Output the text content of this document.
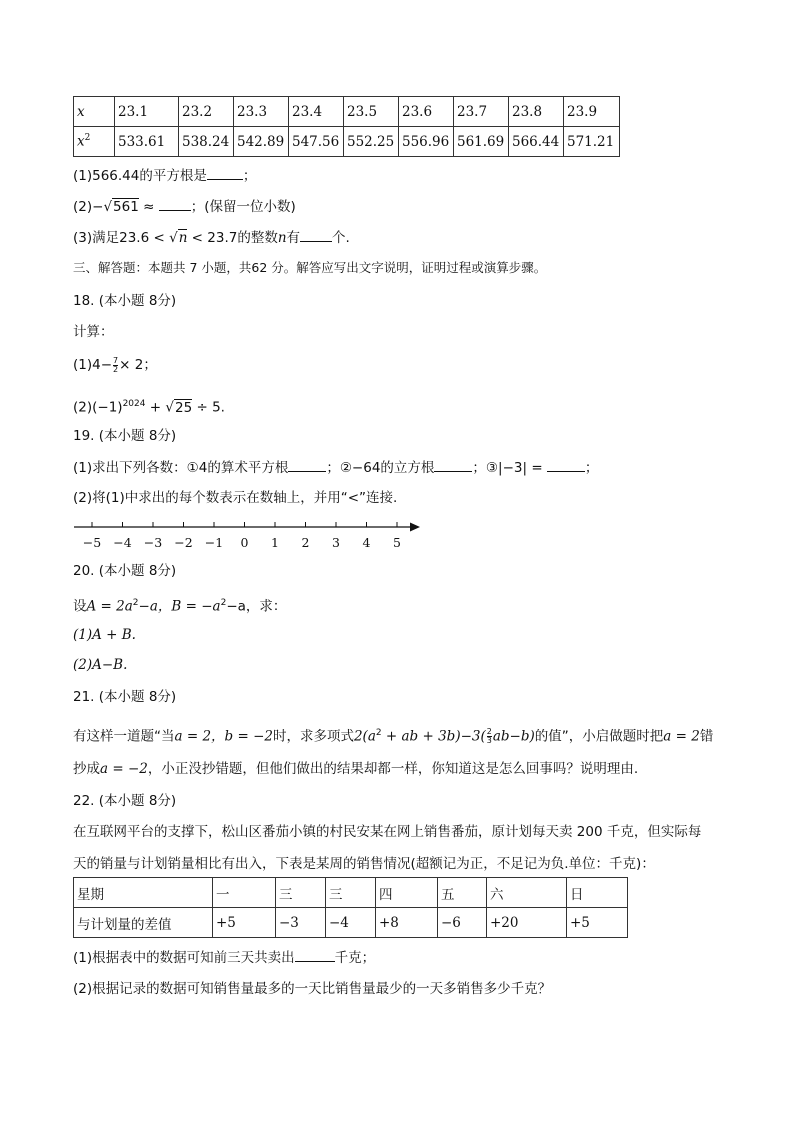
x	23.1	23.2	23.3	23.4	23.5	23.6	23.7	23.8	23.9
$x^2$	533.61	538.24	542.89	547.56	552.25	556.96	561.69	566.44	571.21
(1)566.44的平方根是	；
(2)−√561 ≈ ；(保留一位小数)
(3)满足23.6 < √n < 23.7的整数n有 个.
三、解答题：本题共 7 小题，共62 分。解答应写出文字说明，证明过程或演算步骤。
18. (本小题 8分)
计算：
$(1)4- \frac{7}{2} \times 2$；
$(2)(-1)^{2024} + √25 \div 5$.
19. (本小题 8分)
(1)求出下列各数：①4的算术平方根	；②−64的立方根	；③|−3| =	；
(2)将(1)中求出的每个数表示在数轴上，并用“<”连接.
−5 −4 −3 −2 −1 0 1 2 3 4 5
20. (本小题 8分)
设$A = 2a^2-a$，$B = -a^2-a$，求：
(1)A + B.
(2)A−B.
21. (本小题 8分)
有这样一道题“当a = 2，b = −2时，求多项式$2(a^2$ + ab + $3b)-3( \frac{2}{3} ab-b)$的值”，小启做题时把a = 2错
抄成a = −2，小正没抄错题，但他们做出的结果却都一样，你知道这是怎么回事吗？说明理由.
22. (本小题 8分)
在互联网平台的支撑下，松山区番茄小镇的村民安某在网上销售番茄，原计划每天卖 200 千克，但实际每
天的销量与计划销量相比有出入，下表是某周的销售情况(超额记为正，不足记为负.单位：千克)：
星期	一	三	三	四	五	六	日
与计划量的差值	+5	−3	−4	+8	−6	+20	+5
(1)根据表中的数据可知前三天共卖出	千克；
(2)根据记录的数据可知销售量最多的一天比销售量最少的一天多销售多少千克？
